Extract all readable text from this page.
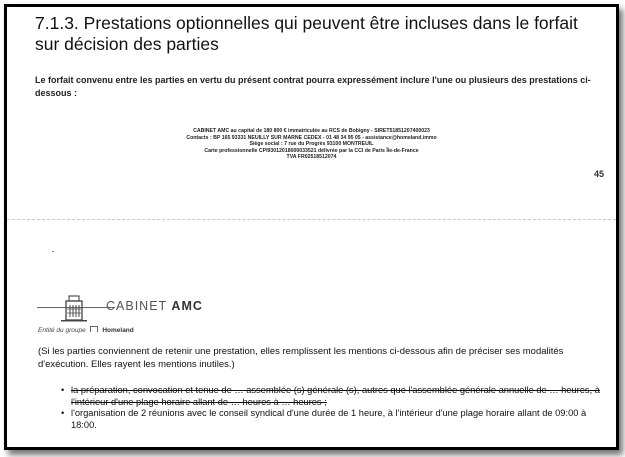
7.1.3. Prestations optionnelles qui peuvent être incluses dans le forfait sur décision des parties
Le forfait convenu entre les parties en vertu du présent contrat pourra expressément inclure l'une ou plusieurs des prestations ci-dessous :
CABINET AMC au capital de 180 800 € immatriculée au RCS de Bobigny - SIRET51851207400023
Contacts : BP 165 93331 NEUILLY SUR MARNE CEDEX - 01 48 34 95 05 - assistance@homeland.immo
Siège social : 7 rue du Progrès 93100 MONTREUIL
Carte professionnelle CPI93012018000033521 délivrée par la CCI de Paris Île-de-France
TVA FR02518512074
45
CABINET AMC
Entité du groupe	Homeland
(Si les parties conviennent de retenir une prestation, elles remplissent les mentions ci-dessous afin de préciser ses modalités d'exécution. Elles rayent les mentions inutiles.)
• la préparation, convocation et tenue de … assemblée (s) générale (s), autres que l'assemblée générale annuelle de … heures, à l'intérieur d'une plage horaire allant de … heures à … heures ;
• l'organisation de 2 réunions avec le conseil syndical d'une durée de 1 heure, à l'intérieur d'une plage horaire allant de 09:00 à 18:00.
